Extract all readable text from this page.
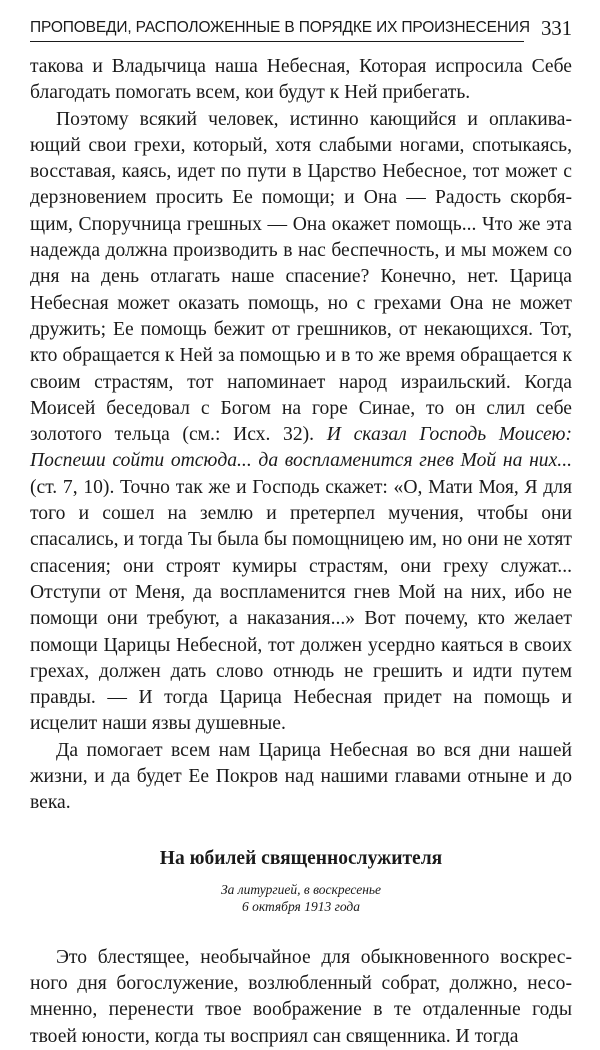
ПРОПОВЕДИ, РАСПОЛОЖЕННЫЕ В ПОРЯДКЕ ИХ ПРОИЗНЕСЕНИЯ 331

такова и Владычица наша Небесная, Которая испросила Себе благодать помогать всем, кои будут к Ней прибегать.

Поэтому всякий человек, истинно кающийся и оплакивающий свои грехи, который, хотя слабыми ногами, спотыкаясь, восставая, каясь, идет по пути в Царство Небесное, тот может с дерзновением просить Ее помощи; и Она — Радость скорбящим, Споручница грешных — Она окажет помощь... Что же эта надежда должна производить в нас беспечность, и мы можем со дня на день отлагать наше спасение? Конечно, нет. Царица Небесная может оказать помощь, но с грехами Она не может дружить; Ее помощь бежит от грешников, от некающихся. Тот, кто обращается к Ней за помощью и в то же время обращается к своим страстям, тот напоминает народ израильский. Когда Моисей беседовал с Богом на горе Синае, то он слил себе золотого тельца (см.: Исх. 32). И сказал Господь Моисею: Поспеши сойти отсюда... да воспламенится гнев Мой на них... (ст. 7, 10). Точно так же и Господь скажет: «О, Мати Моя, Я для того и сошел на землю и претерпел мучения, чтобы они спасались, и тогда Ты была бы помощницею им, но они не хотят спасения; они строят кумиры страстям, они греху служат... Отступи от Меня, да воспламенится гнев Мой на них, ибо не помощи они требуют, а наказания...» Вот почему, кто желает помощи Царицы Небесной, тот должен усердно каяться в своих грехах, должен дать слово отнюдь не грешить и идти путем правды. — И тогда Царица Небесная придет на помощь и исцелит наши язвы душевные.

Да помогает всем нам Царица Небесная во вся дни нашей жизни, и да будет Ее Покров над нашими главами отныне и до века.

На юбилей священнослужителя
За литургией, в воскресенье
6 октября 1913 года

Это блестящее, необычайное для обыкновенного воскресного дня богослужение, возлюбленный собрат, должно, несомненно, перенести твое воображение в те отдаленные годы твоей юности, когда ты восприял сан священника. И тогда
